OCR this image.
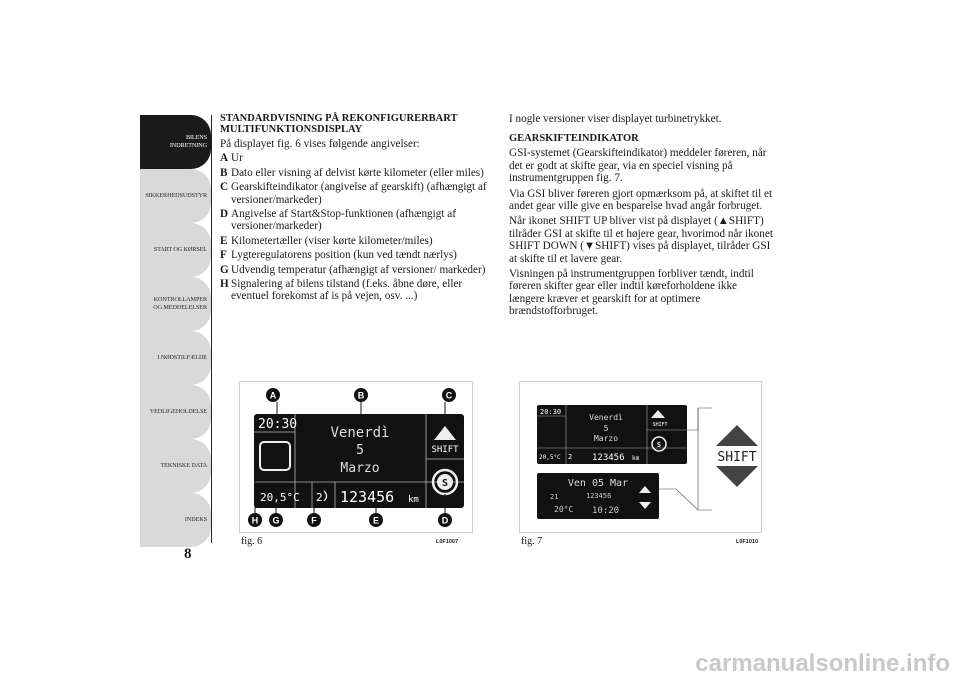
BILENS
INDRETNING
SIKKERHEDSUDSTYR
START OG KØRSEL
KONTROLLAMPER
OG MEDDELELSER
I NØDSTILFÆLDE
VEDLIGEHOLDELSE
TEKNISKE DATA
INDEKS
8
STANDARDVISNING PÅ REKONFIGURERBART MULTIFUNKTIONSDISPLAY
På displayet fig. 6 vises følgende angivelser:
A Ur
B Dato eller visning af delvist kørte kilometer (eller miles)
C Gearskifteindikator (angivelse af gearskift) (afhængigt af versioner/markeder)
D Angivelse af Start&Stop-funktionen (afhængigt af versioner/markeder)
E Kilometertæller (viser kørte kilometer/miles)
F Lygteregulatorens position (kun ved tændt nærlys)
G Udvendig temperatur (afhængigt af versioner/ markeder)
H Signalering af bilens tilstand (f.eks. åbne døre, eller eventuel forekomst af is på vejen, osv. ...)
I nogle versioner viser displayet turbinetrykket.
GEARSKIFTEINDIKATOR
GSI-systemet (Gearskifteindikator) meddeler føreren, når det er godt at skifte gear, via en speciel visning på instrumentgruppen fig. 7.
Via GSI bliver føreren gjort opmærksom på, at skiftet til et andet gear ville give en besparelse hvad angår forbruget.
Når ikonet SHIFT UP bliver vist på displayet (▲SHIFT) tilråder GSI at skifte til et højere gear, hvorimod når ikonet SHIFT DOWN (▼SHIFT) vises på displayet, tilråder GSI at skifte til et lavere gear.
Visningen på instrumentgruppen forbliver tændt, indtil føreren skifter gear eller indtil køreforholdene ikke længere kræver et gearskift for at optimere brændstofforbruget.
20:30
Venerdì
5
Marzo
SHIFT
S
20,5°C 2 123456 km
A	B	C
D
E
F
G
H
fig. 6	L0F1007
20:30
Venerdì
5
Marzo
SHIFT
S
20,5°C 2 123456 km
Ven 05 Mar
21	123456
20°C 10:20
SHIFT
fig. 7	L0F1010
carmanualsonline.info
